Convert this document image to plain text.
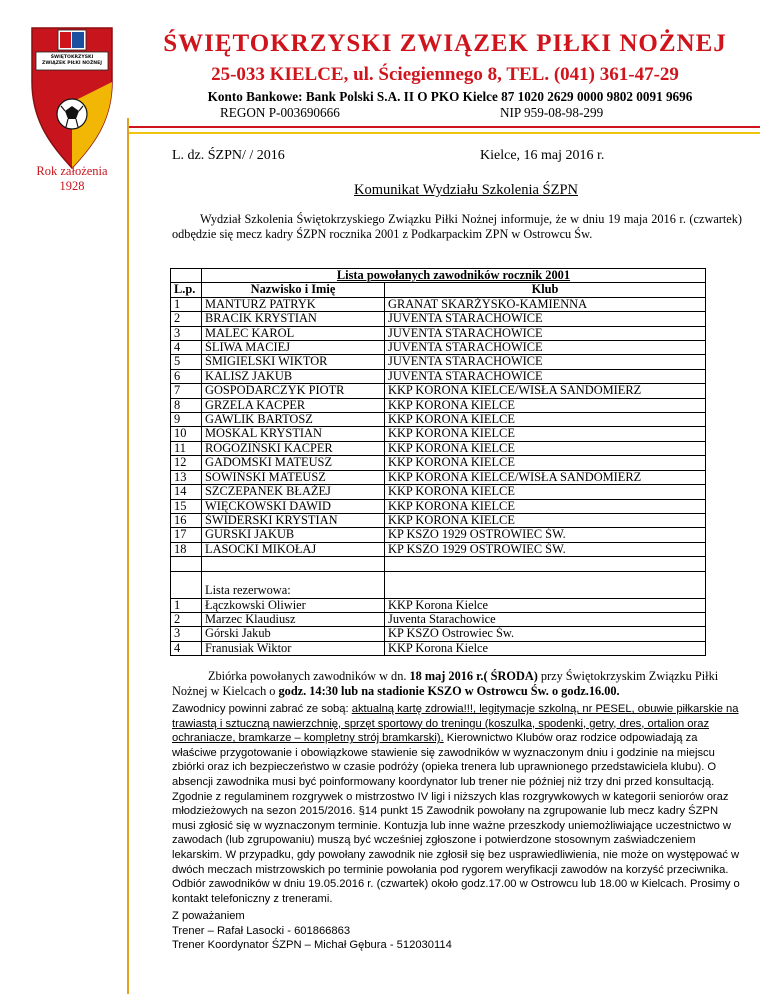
ŚWIĘTOKRZYSKI
ZWIĄZEK PIŁKI NOŻNEJ
Rok założenia
1928
ŚWIĘTOKRZYSKI ZWIĄZEK PIŁKI NOŻNEJ
25-033 KIELCE, ul. Ściegiennego 8, TEL. (041) 361-47-29
Konto Bankowe: Bank Polski S.A. II O PKO Kielce 87 1020 2629 0000 9802 0091 9696
REGON P-003690666	NIP 959-08-98-299
L. dz. ŚZPN/ / 2016	Kielce, 16 maj 2016 r.
Komunikat Wydziału Szkolenia ŚZPN
Wydział Szkolenia Świętokrzyskiego Związku Piłki Nożnej informuje, że w dniu 19 maja 2016 r. (czwartek) odbędzie się mecz kadry ŚZPN rocznika 2001 z Podkarpackim ZPN w Ostrowcu Św.
	Lista powołanych zawodników rocznik 2001	
L.p.	Nazwisko i Imię	Klub
1	MANTURZ PATRYK	GRANAT SKARŻYSKO-KAMIENNA
2	BRACIK KRYSTIAN	JUVENTA STARACHOWICE
3	MALEC KAROL	JUVENTA STARACHOWICE
4	ŚLIWA MACIEJ	JUVENTA STARACHOWICE
5	ŚMIGIELSKI WIKTOR	JUVENTA STARACHOWICE
6	KALISZ JAKUB	JUVENTA STARACHOWICE
7	GOSPODARCZYK PIOTR	KKP KORONA KIELCE/WISŁA SANDOMIERZ
8	GRZELA KACPER	KKP KORONA KIELCE
9	GAWLIK BARTOSZ	KKP KORONA KIELCE
10	MOSKAL KRYSTIAN	KKP KORONA KIELCE
11	ROGOZIŃSKI KACPER	KKP KORONA KIELCE
12	GADOMSKI MATEUSZ	KKP KORONA KIELCE
13	SOWIŃSKI MATEUSZ	KKP KORONA KIELCE/WISŁA SANDOMIERZ
14	SZCZEPANEK BŁAŻEJ	KKP KORONA KIELCE
15	WIĘCKOWSKI DAWID	KKP KORONA KIELCE
16	ŚWIDERSKI KRYSTIAN	KKP KORONA KIELCE
17	GURSKI JAKUB	KP KSZO 1929 OSTROWIEC ŚW.
18	LASOCKI MIKOŁAJ	KP KSZO 1929 OSTROWIEC ŚW.

	Lista rezerwowa:	
1	Łączkowski Oliwier	KKP Korona Kielce
2	Marzec Klaudiusz	Juventa Starachowice
3	Górski Jakub	KP KSZO Ostrowiec Św.
4	Franusiak Wiktor	KKP Korona Kielce
Zbiórka powołanych zawodników w dn. 18 maj 2016 r.( ŚRODA) przy Świętokrzyskim Związku Piłki Nożnej w Kielcach o godz. 14:30 lub na stadionie KSZO w Ostrowcu Św. o godz.16.00.
Zawodnicy powinni zabrać ze sobą: aktualną kartę zdrowia!!!, legitymacje szkolną, nr PESEL, obuwie piłkarskie na trawiastą i sztuczną nawierzchnię, sprzęt sportowy do treningu (koszulka, spodenki, getry, dres, ortalion oraz ochraniacze, bramkarze – kompletny strój bramkarski). Kierownictwo Klubów oraz rodzice odpowiadają za właściwe przygotowanie i obowiązkowe stawienie się zawodników w wyznaczonym dniu i godzinie na miejscu zbiórki oraz ich bezpieczeństwo w czasie podróży (opieka trenera lub uprawnionego przedstawiciela klubu). O absencji zawodnika musi być poinformowany koordynator lub trener nie później niż trzy dni przed konsultacją.
Zgodnie z regulaminem rozgrywek o mistrzostwo IV ligi i niższych klas rozgrywkowych w kategorii seniorów oraz młodzieżowych na sezon 2015/2016. §14 punkt 15 Zawodnik powołany na zgrupowanie lub mecz kadry ŚZPN musi zgłosić się w wyznaczonym terminie. Kontuzja lub inne ważne przeszkody uniemożliwiające uczestnictwo w zawodach (lub zgrupowaniu) muszą być wcześniej zgłoszone i potwierdzone stosownym zaświadczeniem lekarskim. W przypadku, gdy powołany zawodnik nie zgłosił się bez usprawiedliwienia, nie może on występować w dwóch meczach mistrzowskich po terminie powołania pod rygorem weryfikacji zawodów na korzyść przeciwnika. Odbiór zawodników w dniu 19.05.2016 r. (czwartek) około godz.17.00 w Ostrowcu lub 18.00 w Kielcach. Prosimy o kontakt telefoniczny z trenerami.
Z poważaniem
Trener – Rafał Lasocki - 601866863
Trener Koordynator ŚZPN – Michał Gębura - 512030114
